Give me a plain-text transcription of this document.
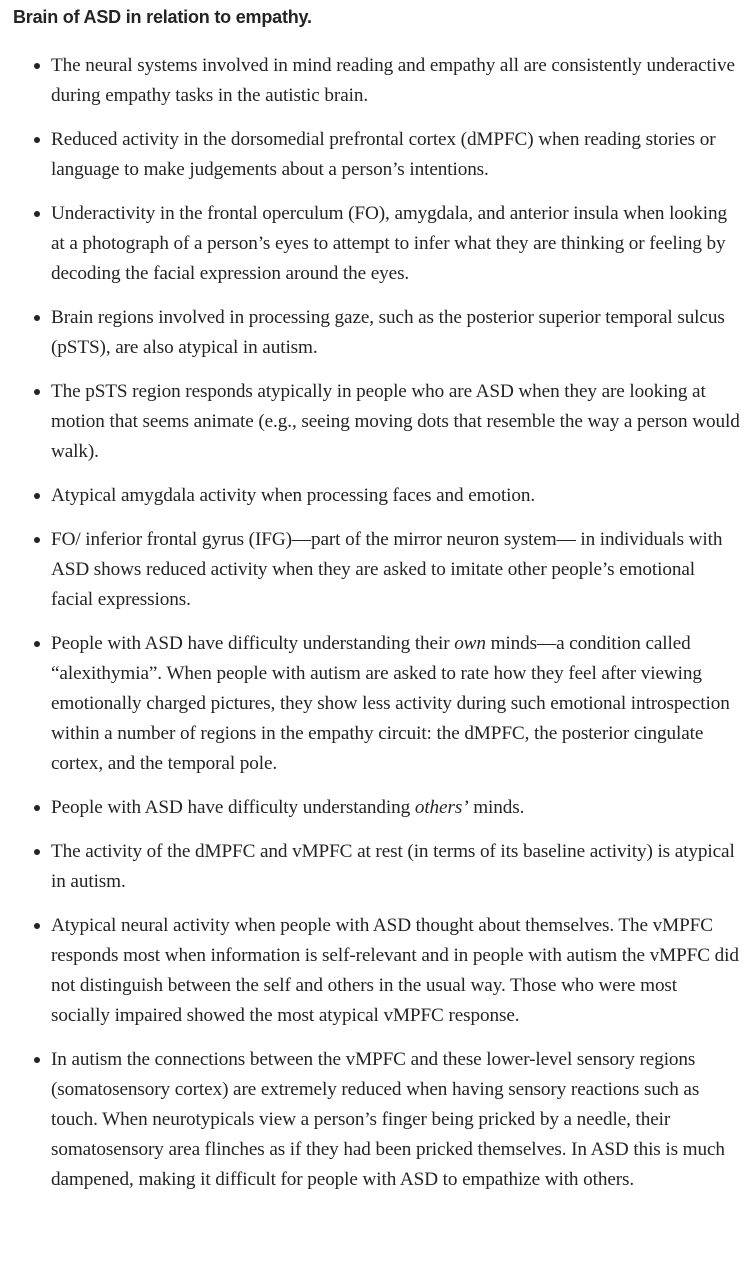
Brain of ASD in relation to empathy.
The neural systems involved in mind reading and empathy all are consistently underactive during empathy tasks in the autistic brain.
Reduced activity in the dorsomedial prefrontal cortex (dMPFC) when reading stories or language to make judgements about a person’s intentions.
Underactivity in the frontal operculum (FO), amygdala, and anterior insula when looking at a photograph of a person’s eyes to attempt to infer what they are thinking or feeling by decoding the facial expression around the eyes.
Brain regions involved in processing gaze, such as the posterior superior temporal sulcus (pSTS), are also atypical in autism.
The pSTS region responds atypically in people who are ASD when they are looking at motion that seems animate (e.g., seeing moving dots that resemble the way a person would walk).
Atypical amygdala activity when processing faces and emotion.
FO/ inferior frontal gyrus (IFG)—part of the mirror neuron system— in individuals with ASD shows reduced activity when they are asked to imitate other people’s emotional facial expressions.
People with ASD have difficulty understanding their own minds—a condition called “alexithymia”. When people with autism are asked to rate how they feel after viewing emotionally charged pictures, they show less activity during such emotional introspection within a number of regions in the empathy circuit: the dMPFC, the posterior cingulate cortex, and the temporal pole.
People with ASD have difficulty understanding others’ minds.
The activity of the dMPFC and vMPFC at rest (in terms of its baseline activity) is atypical in autism.
Atypical neural activity when people with ASD thought about themselves. The vMPFC responds most when information is self-relevant and in people with autism the vMPFC did not distinguish between the self and others in the usual way. Those who were most socially impaired showed the most atypical vMPFC response.
In autism the connections between the vMPFC and these lower-level sensory regions (somatosensory cortex) are extremely reduced when having sensory reactions such as touch. When neurotypicals view a person’s finger being pricked by a needle, their somatosensory area flinches as if they had been pricked themselves. In ASD this is much dampened, making it difficult for people with ASD to empathize with others.
